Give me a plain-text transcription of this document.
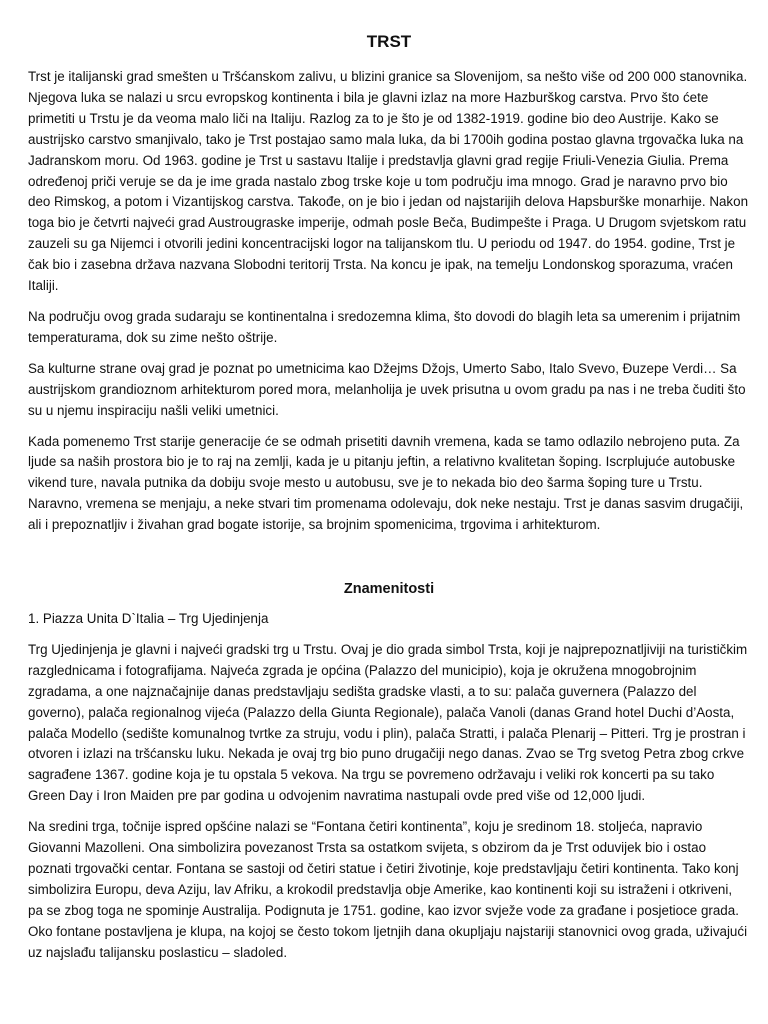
TRST

Trst je italijanski grad smešten u Tršćanskom zalivu, u blizini granice sa Slovenijom, sa nešto više od 200 000 stanovnika. Njegova luka se nalazi u srcu evropskog kontinenta i bila je glavni izlaz na more Hazburškog carstva. Prvo što ćete primetiti u Trstu je da veoma malo liči na Italiju. Razlog za to je što je od 1382-1919. godine bio deo Austrije. Kako se austrijsko carstvo smanjivalo, tako je Trst postajao samo mala luka, da bi 1700ih godina postao glavna trgovačka luka na Jadranskom moru. Od 1963. godine je Trst u sastavu Italije i predstavlja glavni grad regije Friuli-Venezia Giulia. Prema određenoj priči veruje se da je ime grada nastalo zbog trske koje u tom području ima mnogo. Grad je naravno prvo bio deo Rimskog, a potom i Vizantijskog carstva. Takođe, on je bio i jedan od najstarijih delova Hapsburške monarhije. Nakon toga bio je četvrti najveći grad Austrougraske imperije, odmah posle Beča, Budimpešte i Praga. U Drugom svjetskom ratu zauzeli su ga Nijemci i otvorili jedini koncentracijski logor na talijanskom tlu. U periodu od 1947. do 1954. godine, Trst je čak bio i zasebna država nazvana Slobodni teritorij Trsta. Na koncu je ipak, na temelju Londonskog sporazuma, vraćen Italiji.

Na području ovog grada sudaraju se kontinentalna i sredozemna klima, što dovodi do blagih leta sa umerenim i prijatnim temperaturama, dok su zime nešto oštrije.

Sa kulturne strane ovaj grad je poznat po umetnicima kao Džejms Džojs, Umerto Sabo, Italo Svevo, Đuzepe Verdi… Sa austrijskom grandioznom arhitekturom pored mora, melanholija je uvek prisutna u ovom gradu pa nas i ne treba čuditi što su u njemu inspiraciju našli veliki umetnici.

Kada pomenemo Trst starije generacije će se odmah prisetiti davnih vremena, kada se tamo odlazilo nebrojeno puta. Za ljude sa naših prostora bio je to raj na zemlji, kada je u pitanju jeftin, a relativno kvalitetan šoping. Iscrplujuće autobuske vikend ture, navala putnika da dobiju svoje mesto u autobusu, sve je to nekada bio deo šarma šoping ture u Trstu. Naravno, vremena se menjaju, a neke stvari tim promenama odolevaju, dok neke nestaju. Trst je danas sasvim drugačiji, ali i prepoznatljiv i živahan grad bogate istorije, sa brojnim spomenicima, trgovima i arhitekturom.

Znamenitosti

1. Piazza Unita D`Italia – Trg Ujedinjenja

Trg Ujedinjenja je glavni i najveći gradski trg u Trstu. Ovaj je dio grada simbol Trsta, koji je najprepoznatljiviji na turističkim razglednicama i fotografijama. Najveća zgrada je općina (Palazzo del municipio), koja je okružena mnogobrojnim zgradama, a one najznačajnije danas predstavljaju sedišta gradske vlasti, a to su: palača guvernera (Palazzo del governo), palača regionalnog vijeća (Palazzo della Giunta Regionale), palača Vanoli (danas Grand hotel Duchi d’Aosta, palača Modello (sedište komunalnog tvrtke za struju, vodu i plin), palača Stratti, i palača Plenarij – Pitteri. Trg je prostran i otvoren i izlazi na tršćansku luku. Nekada je ovaj trg bio puno drugačiji nego danas. Zvao se Trg svetog Petra zbog crkve sagrađene 1367. godine koja je tu opstala 5 vekova. Na trgu se povremeno održavaju i veliki rok koncerti pa su tako Green Day i Iron Maiden pre par godina u odvojenim navratima nastupali ovde pred više od 12,000 ljudi.

Na sredini trga, točnije ispred opšćine nalazi se “Fontana četiri kontinenta”, koju je sredinom 18. stoljeća, napravio Giovanni Mazolleni. Ona simbolizira povezanost Trsta sa ostatkom svijeta, s obzirom da je Trst oduvijek bio i ostao poznati trgovački centar. Fontana se sastoji od četiri statue i četiri životinje, koje predstavljaju četiri kontinenta. Tako konj simbolizira Europu, deva Aziju, lav Afriku, a krokodil predstavlja obje Amerike, kao kontinenti koji su istraženi i otkriveni, pa se zbog toga ne spominje Australija. Podignuta je 1751. godine, kao izvor svježe vode za građane i posjetioce grada. Oko fontane postavljena je klupa, na kojoj se često tokom ljetnjih dana okupljaju najstariji stanovnici ovog grada, uživajući uz najslađu talijansku poslasticu – sladoled.
